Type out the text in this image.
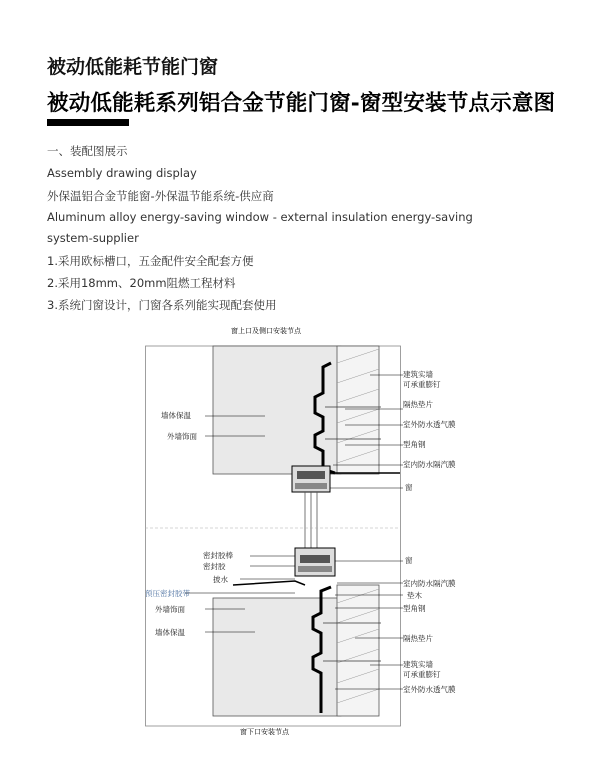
被动低能耗节能门窗
被动低能耗系列铝合金节能门窗-窗型安装节点示意图
一、装配图展示
Assembly drawing display
外保温铝合金节能窗-外保温节能系统-供应商
Aluminum alloy energy-saving window - external insulation energy-saving
system-supplier
1.采用欧标槽口，五金配件安全配套方便
2.采用18mm、20mm阻燃工程材料
3.系统门窗设计，门窗各系列能实现配套使用
窗上口及侧口安装节点
窗下口安装节点
建筑实墙
可承重膨钉
隔热垫片
室外防水透气膜
型角钢
室内防水隔汽膜
窗
墙体保温
外墙饰面
密封胶棒
密封胶
披水
预压密封胶带
外墙饰面
墙体保温
窗
室内防水隔汽膜
垫木
型角钢
隔热垫片
建筑实墙
可承重膨钉
室外防水透气膜
